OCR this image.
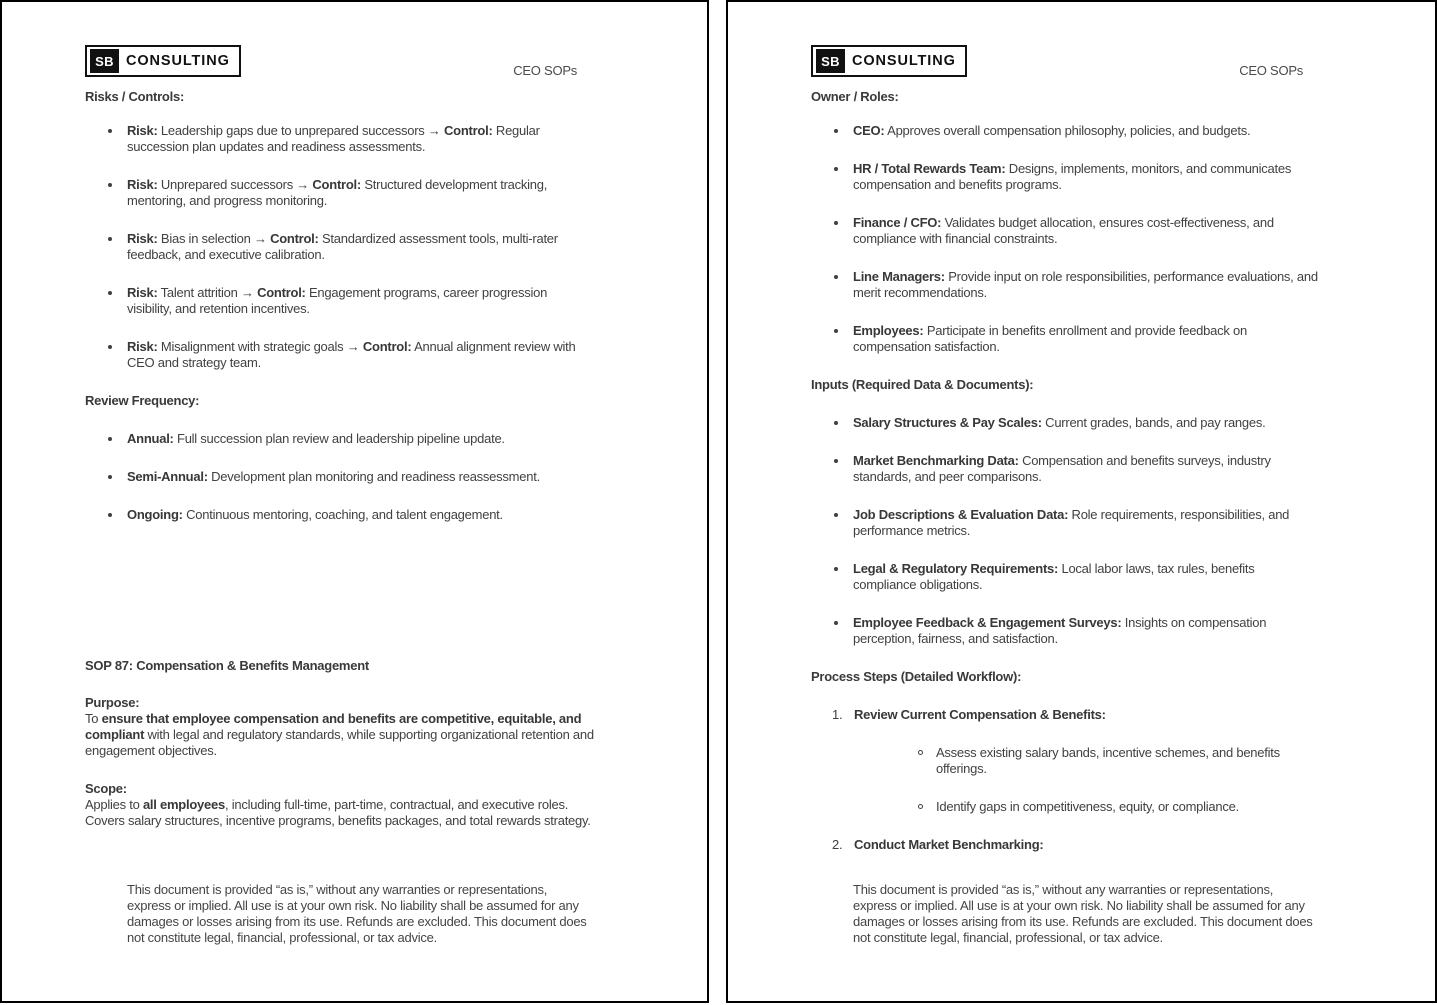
SB CONSULTING
CEO SOPs
Risks / Controls:
Risk: Leadership gaps due to unprepared successors → Control: Regular succession plan updates and readiness assessments.
Risk: Unprepared successors → Control: Structured development tracking, mentoring, and progress monitoring.
Risk: Bias in selection → Control: Standardized assessment tools, multi-rater feedback, and executive calibration.
Risk: Talent attrition → Control: Engagement programs, career progression visibility, and retention incentives.
Risk: Misalignment with strategic goals → Control: Annual alignment review with CEO and strategy team.
Review Frequency:
Annual: Full succession plan review and leadership pipeline update.
Semi-Annual: Development plan monitoring and readiness reassessment.
Ongoing: Continuous mentoring, coaching, and talent engagement.
SOP 87: Compensation & Benefits Management
Purpose:

To ensure that employee compensation and benefits are competitive, equitable, and compliant with legal and regulatory standards, while supporting organizational retention and engagement objectives.

Scope:

Applies to all employees, including full-time, part-time, contractual, and executive roles. Covers salary structures, incentive programs, benefits packages, and total rewards strategy.

This document is provided “as is,” without any warranties or representations, express or implied. All use is at your own risk. No liability shall be assumed for any damages or losses arising from its use. Refunds are excluded. This document does not constitute legal, financial, professional, or tax advice.

SB CONSULTING
CEO SOPs
Owner / Roles:
CEO: Approves overall compensation philosophy, policies, and budgets.
HR / Total Rewards Team: Designs, implements, monitors, and communicates compensation and benefits programs.
Finance / CFO: Validates budget allocation, ensures cost-effectiveness, and compliance with financial constraints.
Line Managers: Provide input on role responsibilities, performance evaluations, and merit recommendations.
Employees: Participate in benefits enrollment and provide feedback on compensation satisfaction.
Inputs (Required Data & Documents):
Salary Structures & Pay Scales: Current grades, bands, and pay ranges.
Market Benchmarking Data: Compensation and benefits surveys, industry standards, and peer comparisons.
Job Descriptions & Evaluation Data: Role requirements, responsibilities, and performance metrics.
Legal & Regulatory Requirements: Local labor laws, tax rules, benefits compliance obligations.
Employee Feedback & Engagement Surveys: Insights on compensation perception, fairness, and satisfaction.
Process Steps (Detailed Workflow):
1. Review Current Compensation & Benefits:
Assess existing salary bands, incentive schemes, and benefits offerings.
Identify gaps in competitiveness, equity, or compliance.
2. Conduct Market Benchmarking:

This document is provided “as is,” without any warranties or representations, express or implied. All use is at your own risk. No liability shall be assumed for any damages or losses arising from its use. Refunds are excluded. This document does not constitute legal, financial, professional, or tax advice.
